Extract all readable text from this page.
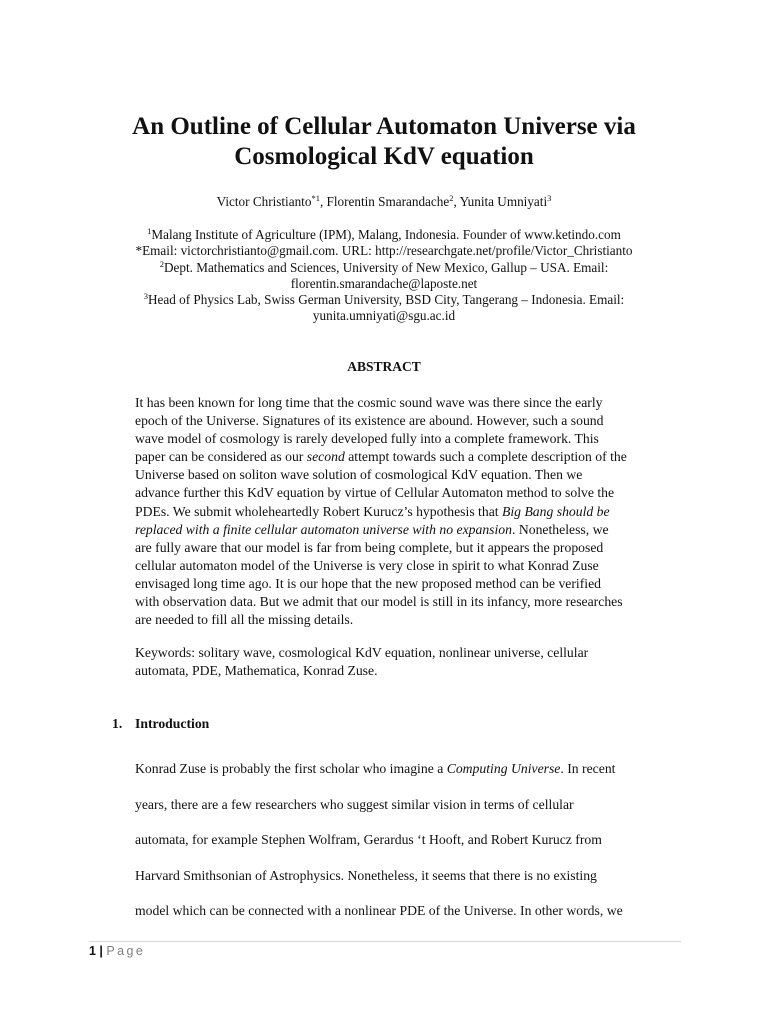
An Outline of Cellular Automaton Universe via
Cosmological KdV equation
Victor Christianto$^{*1}$, Florentin Smarandache$^2$, Yunita Umniyati$^3$
$^1$Malang Institute of Agriculture (IPM), Malang, Indonesia. Founder of www.ketindo.com
*Email: victorchristianto@gmail.com. URL: http://researchgate.net/profile/Victor_Christianto
$^2$Dept. Mathematics and Sciences, University of New Mexico, Gallup – USA. Email:
florentin.smarandache@laposte.net
$^3$Head of Physics Lab, Swiss German University, BSD City, Tangerang – Indonesia. Email:
yunita.umniyati@sgu.ac.id
ABSTRACT
It has been known for long time that the cosmic sound wave was there since the early
epoch of the Universe. Signatures of its existence are abound. However, such a sound
wave model of cosmology is rarely developed fully into a complete framework. This
paper can be considered as our second attempt towards such a complete description of the
Universe based on soliton wave solution of cosmological KdV equation. Then we
advance further this KdV equation by virtue of Cellular Automaton method to solve the
PDEs. We submit wholeheartedly Robert Kurucz’s hypothesis that Big Bang should be
replaced with a finite cellular automaton universe with no expansion. Nonetheless, we
are fully aware that our model is far from being complete, but it appears the proposed
cellular automaton model of the Universe is very close in spirit to what Konrad Zuse
envisaged long time ago. It is our hope that the new proposed method can be verified
with observation data. But we admit that our model is still in its infancy, more researches
are needed to fill all the missing details.
Keywords: solitary wave, cosmological KdV equation, nonlinear universe, cellular
automata, PDE, Mathematica, Konrad Zuse.
1. Introduction
Konrad Zuse is probably the first scholar who imagine a Computing Universe. In recent
years, there are a few researchers who suggest similar vision in terms of cellular
automata, for example Stephen Wolfram, Gerardus ‘t Hooft, and Robert Kurucz from
Harvard Smithsonian of Astrophysics. Nonetheless, it seems that there is no existing
model which can be connected with a nonlinear PDE of the Universe. In other words, we
1 | Page
